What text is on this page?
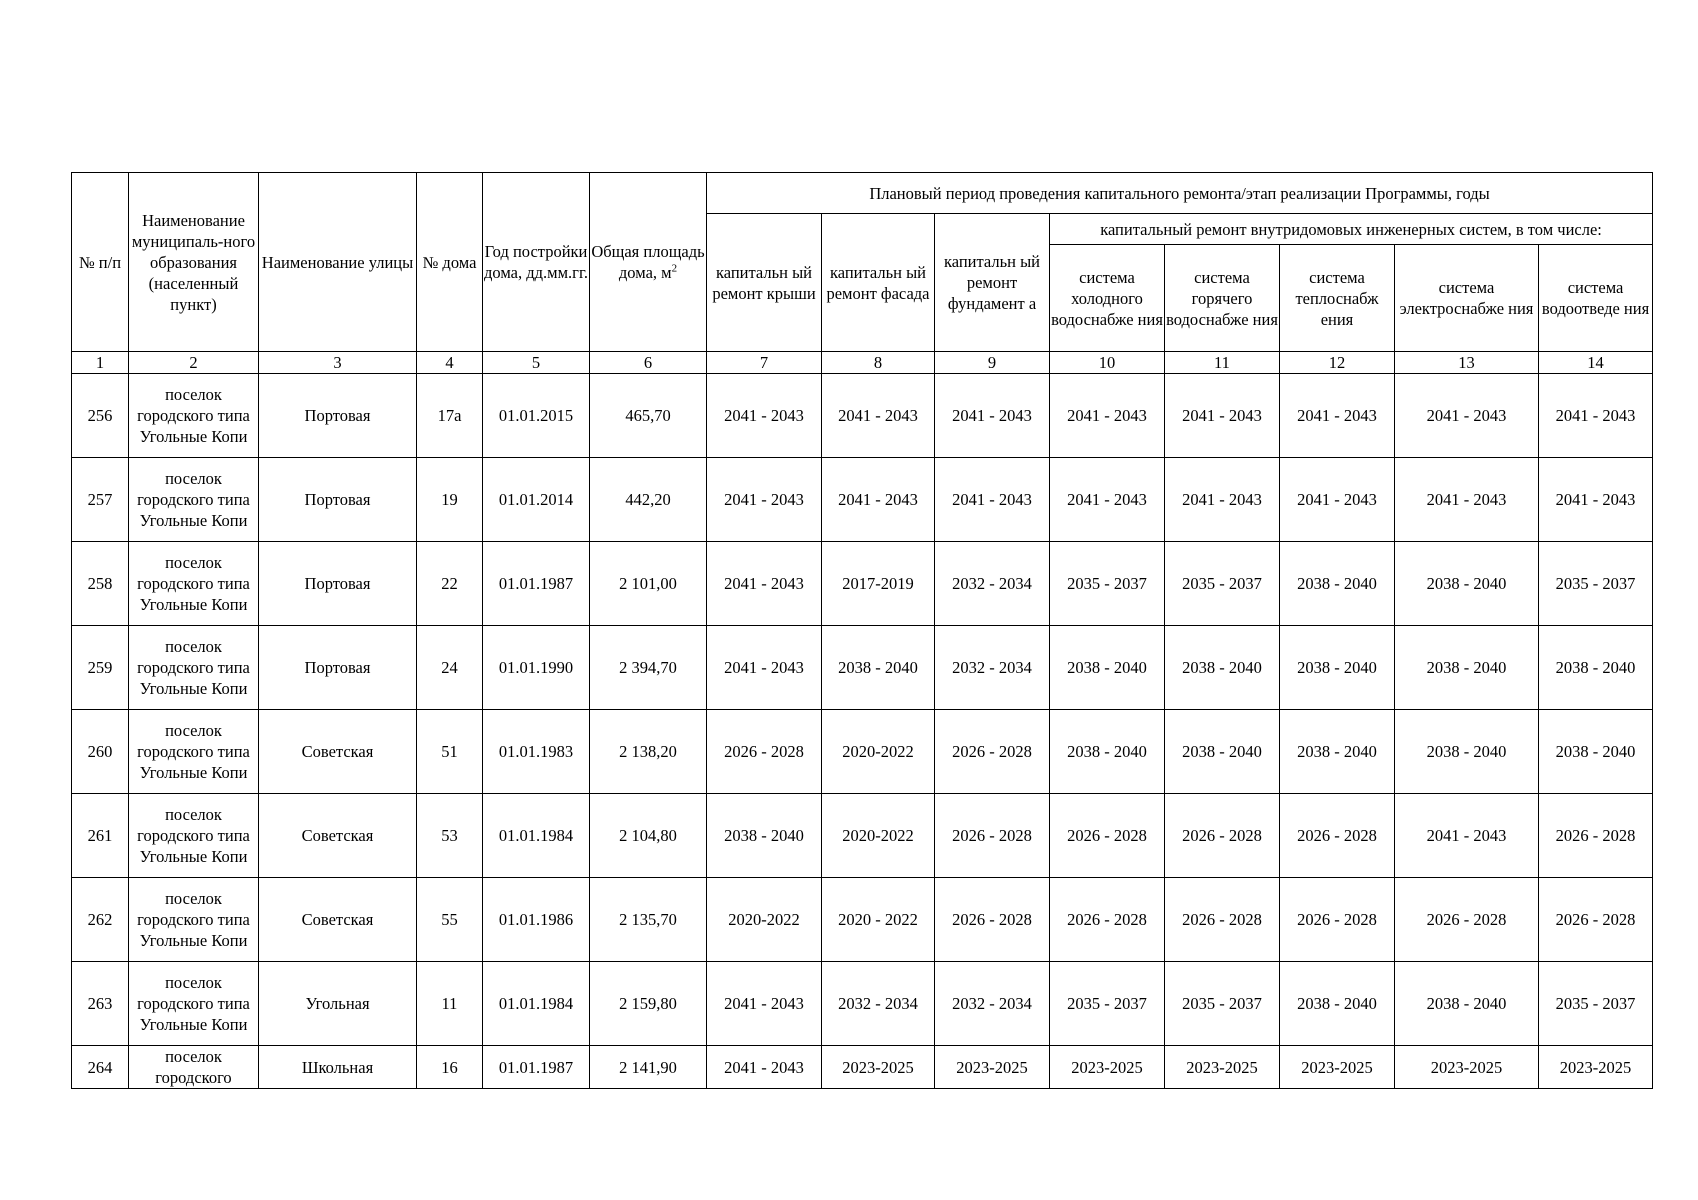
№ п/п	Наименование муниципаль-ного образования (населенный пункт)	Наименование улицы	№ дома	Год постройки дома, дд.мм.гг.	Общая площадь дома, $м^2$	Плановый период проведения капитального ремонта/этап реализации Программы, годы							
						капитальн ый ремонт крыши	капитальн ый ремонт фасада	капитальн ый ремонт фундамент а	капитальный ремонт внутридомовых инженерных систем, в том числе:				
									система холодного водоснабже ния	система горячего водоснабже ния	система теплоснабж ения	система электроснабже ния	система водоотведе ния
1	2	3	4	5	6	7	8	9	10	11	12	13	14
256	поселок городского типа Угольные Копи	Портовая	17а	01.01.2015	465,70	2041 - 2043	2041 - 2043	2041 - 2043	2041 - 2043	2041 - 2043	2041 - 2043	2041 - 2043	2041 - 2043
257	поселок городского типа Угольные Копи	Портовая	19	01.01.2014	442,20	2041 - 2043	2041 - 2043	2041 - 2043	2041 - 2043	2041 - 2043	2041 - 2043	2041 - 2043	2041 - 2043
258	поселок городского типа Угольные Копи	Портовая	22	01.01.1987	2 101,00	2041 - 2043	2017-2019	2032 - 2034	2035 - 2037	2035 - 2037	2038 - 2040	2038 - 2040	2035 - 2037
259	поселок городского типа Угольные Копи	Портовая	24	01.01.1990	2 394,70	2041 - 2043	2038 - 2040	2032 - 2034	2038 - 2040	2038 - 2040	2038 - 2040	2038 - 2040	2038 - 2040
260	поселок городского типа Угольные Копи	Советская	51	01.01.1983	2 138,20	2026 - 2028	2020-2022	2026 - 2028	2038 - 2040	2038 - 2040	2038 - 2040	2038 - 2040	2038 - 2040
261	поселок городского типа Угольные Копи	Советская	53	01.01.1984	2 104,80	2038 - 2040	2020-2022	2026 - 2028	2026 - 2028	2026 - 2028	2026 - 2028	2041 - 2043	2026 - 2028
262	поселок городского типа Угольные Копи	Советская	55	01.01.1986	2 135,70	2020-2022	2020 - 2022	2026 - 2028	2026 - 2028	2026 - 2028	2026 - 2028	2026 - 2028	2026 - 2028
263	поселок городского типа Угольные Копи	Угольная	11	01.01.1984	2 159,80	2041 - 2043	2032 - 2034	2032 - 2034	2035 - 2037	2035 - 2037	2038 - 2040	2038 - 2040	2035 - 2037
264	поселок городского	Школьная	16	01.01.1987	2 141,90	2041 - 2043	2023-2025	2023-2025	2023-2025	2023-2025	2023-2025	2023-2025	2023-2025
